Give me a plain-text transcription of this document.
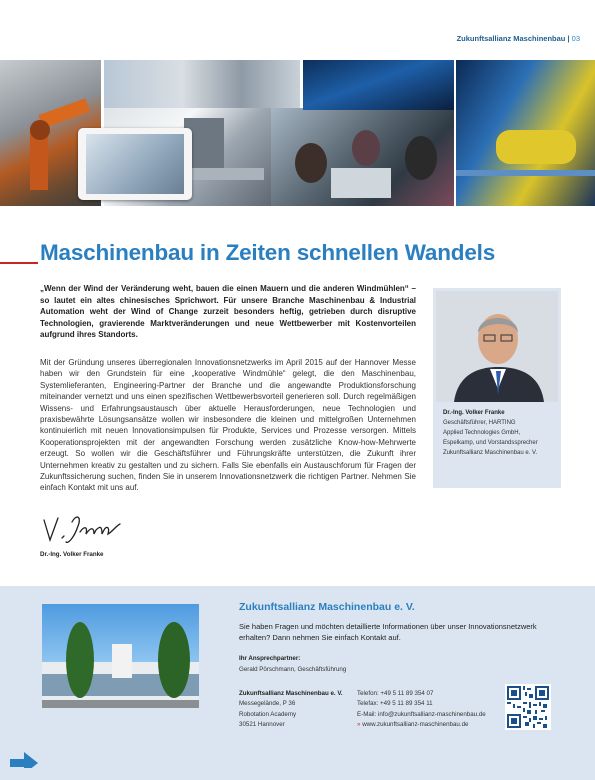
Zukunftsallianz Maschinenbau | 03
Maschinenbau in Zeiten schnellen Wandels

„Wenn der Wind der Veränderung weht, bauen die einen Mauern und die anderen Windmühlen“ – so lautet ein altes chinesisches Sprichwort. Für unsere Branche Maschinenbau & Industrial Automation weht der Wind of Change zurzeit besonders heftig, getrieben durch disruptive Technologien, gravierende Marktveränderungen und neue Wettbewerber mit Kostenvorteilen aufgrund ihres Standorts.

Mit der Gründung unseres überregionalen Innovationsnetzwerks im April 2015 auf der Hannover Messe haben wir den Grundstein für eine „kooperative Windmühle“ gelegt, die den Maschinenbau, Systemlieferanten, Engineering-Partner der Branche und die angewandte Produktionsforschung miteinander vernetzt und uns einen spezifischen Wettbewerbsvorteil generieren soll. Durch regelmäßigen Wissens- und Erfahrungsaustausch über aktuelle Herausforderungen, neue Technologien und praxisbewährte Lösungsansätze wollen wir insbesondere die kleinen und mittelgroßen Unternehmen kontinuierlich mit neuen Innovationsimpulsen für Produkte, Services und Prozesse versorgen. Mittels Kooperationsprojekten mit der angewandten Forschung werden zusätzliche Know-how-Mehrwerte erzeugt. So wollen wir die Geschäftsführer und Führungskräfte unterstützen, die Zukunft ihrer Unternehmen kreativ zu gestalten und zu sichern. Falls Sie ebenfalls ein Austauschforum für Fragen der Zukunftssicherung suchen, finden Sie in unserem Innovationsnetzwerk die richtigen Partner. Nehmen Sie einfach Kontakt mit uns auf.

Dr.-Ing. Volker Franke
Dr.-Ing. Volker Franke
Geschäftsführer, HARTING
Applied Technologies GmbH,
Espelkamp, und Vorstandssprecher
Zukunftsallianz Maschinenbau e. V.
Zukunftsallianz Maschinenbau e. V.

Sie haben Fragen und möchten detaillierte Informationen über unser Innovationsnetzwerk erhalten? Dann nehmen Sie einfach Kontakt auf.

Ihr Ansprechpartner:
Gerald Pörschmann, Geschäftsführung
Zukunftsallianz Maschinenbau e. V.
Messegelände, P 36
Robotation Academy
30521 Hannover
Telefon: +49 5 11 89 354 07
Telefax: +49 5 11 89 354 11
E-Mail: info@zukunftsallianz-maschinenbau.de
» www.zukunftsallianz-maschinenbau.de
